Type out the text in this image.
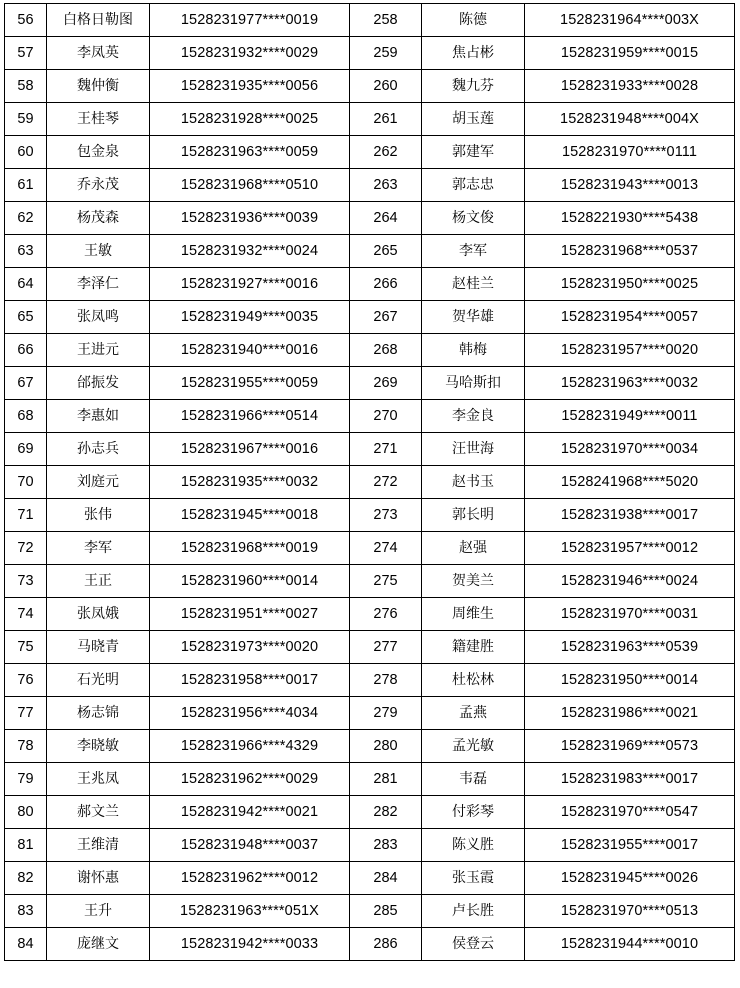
56	白格日勒图	1528231977****0019	258	陈德	1528231964****003X
57	李凤英	1528231932****0029	259	焦占彬	1528231959****0015
58	魏仲衡	1528231935****0056	260	魏九芬	1528231933****0028
59	王桂琴	1528231928****0025	261	胡玉莲	1528231948****004X
60	包金泉	1528231963****0059	262	郭建军	1528231970****0111
61	乔永茂	1528231968****0510	263	郭志忠	1528231943****0013
62	杨茂森	1528231936****0039	264	杨文俊	1528221930****5438
63	王敏	1528231932****0024	265	李军	1528231968****0537
64	李泽仁	1528231927****0016	266	赵桂兰	1528231950****0025
65	张凤鸣	1528231949****0035	267	贺华雄	1528231954****0057
66	王进元	1528231940****0016	268	韩梅	1528231957****0020
67	邰振发	1528231955****0059	269	马哈斯扣	1528231963****0032
68	李惠如	1528231966****0514	270	李金良	1528231949****0011
69	孙志兵	1528231967****0016	271	汪世海	1528231970****0034
70	刘庭元	1528231935****0032	272	赵书玉	1528241968****5020
71	张伟	1528231945****0018	273	郭长明	1528231938****0017
72	李军	1528231968****0019	274	赵强	1528231957****0012
73	王正	1528231960****0014	275	贺美兰	1528231946****0024
74	张凤娥	1528231951****0027	276	周维生	1528231970****0031
75	马晓青	1528231973****0020	277	籍建胜	1528231963****0539
76	石光明	1528231958****0017	278	杜松林	1528231950****0014
77	杨志锦	1528231956****4034	279	孟燕	1528231986****0021
78	李晓敏	1528231966****4329	280	孟光敏	1528231969****0573
79	王兆凤	1528231962****0029	281	韦磊	1528231983****0017
80	郝文兰	1528231942****0021	282	付彩琴	1528231970****0547
81	王维清	1528231948****0037	283	陈义胜	1528231955****0017
82	谢怀惠	1528231962****0012	284	张玉霞	1528231945****0026
83	王升	1528231963****051X	285	卢长胜	1528231970****0513
84	庞继文	1528231942****0033	286	侯登云	1528231944****0010
